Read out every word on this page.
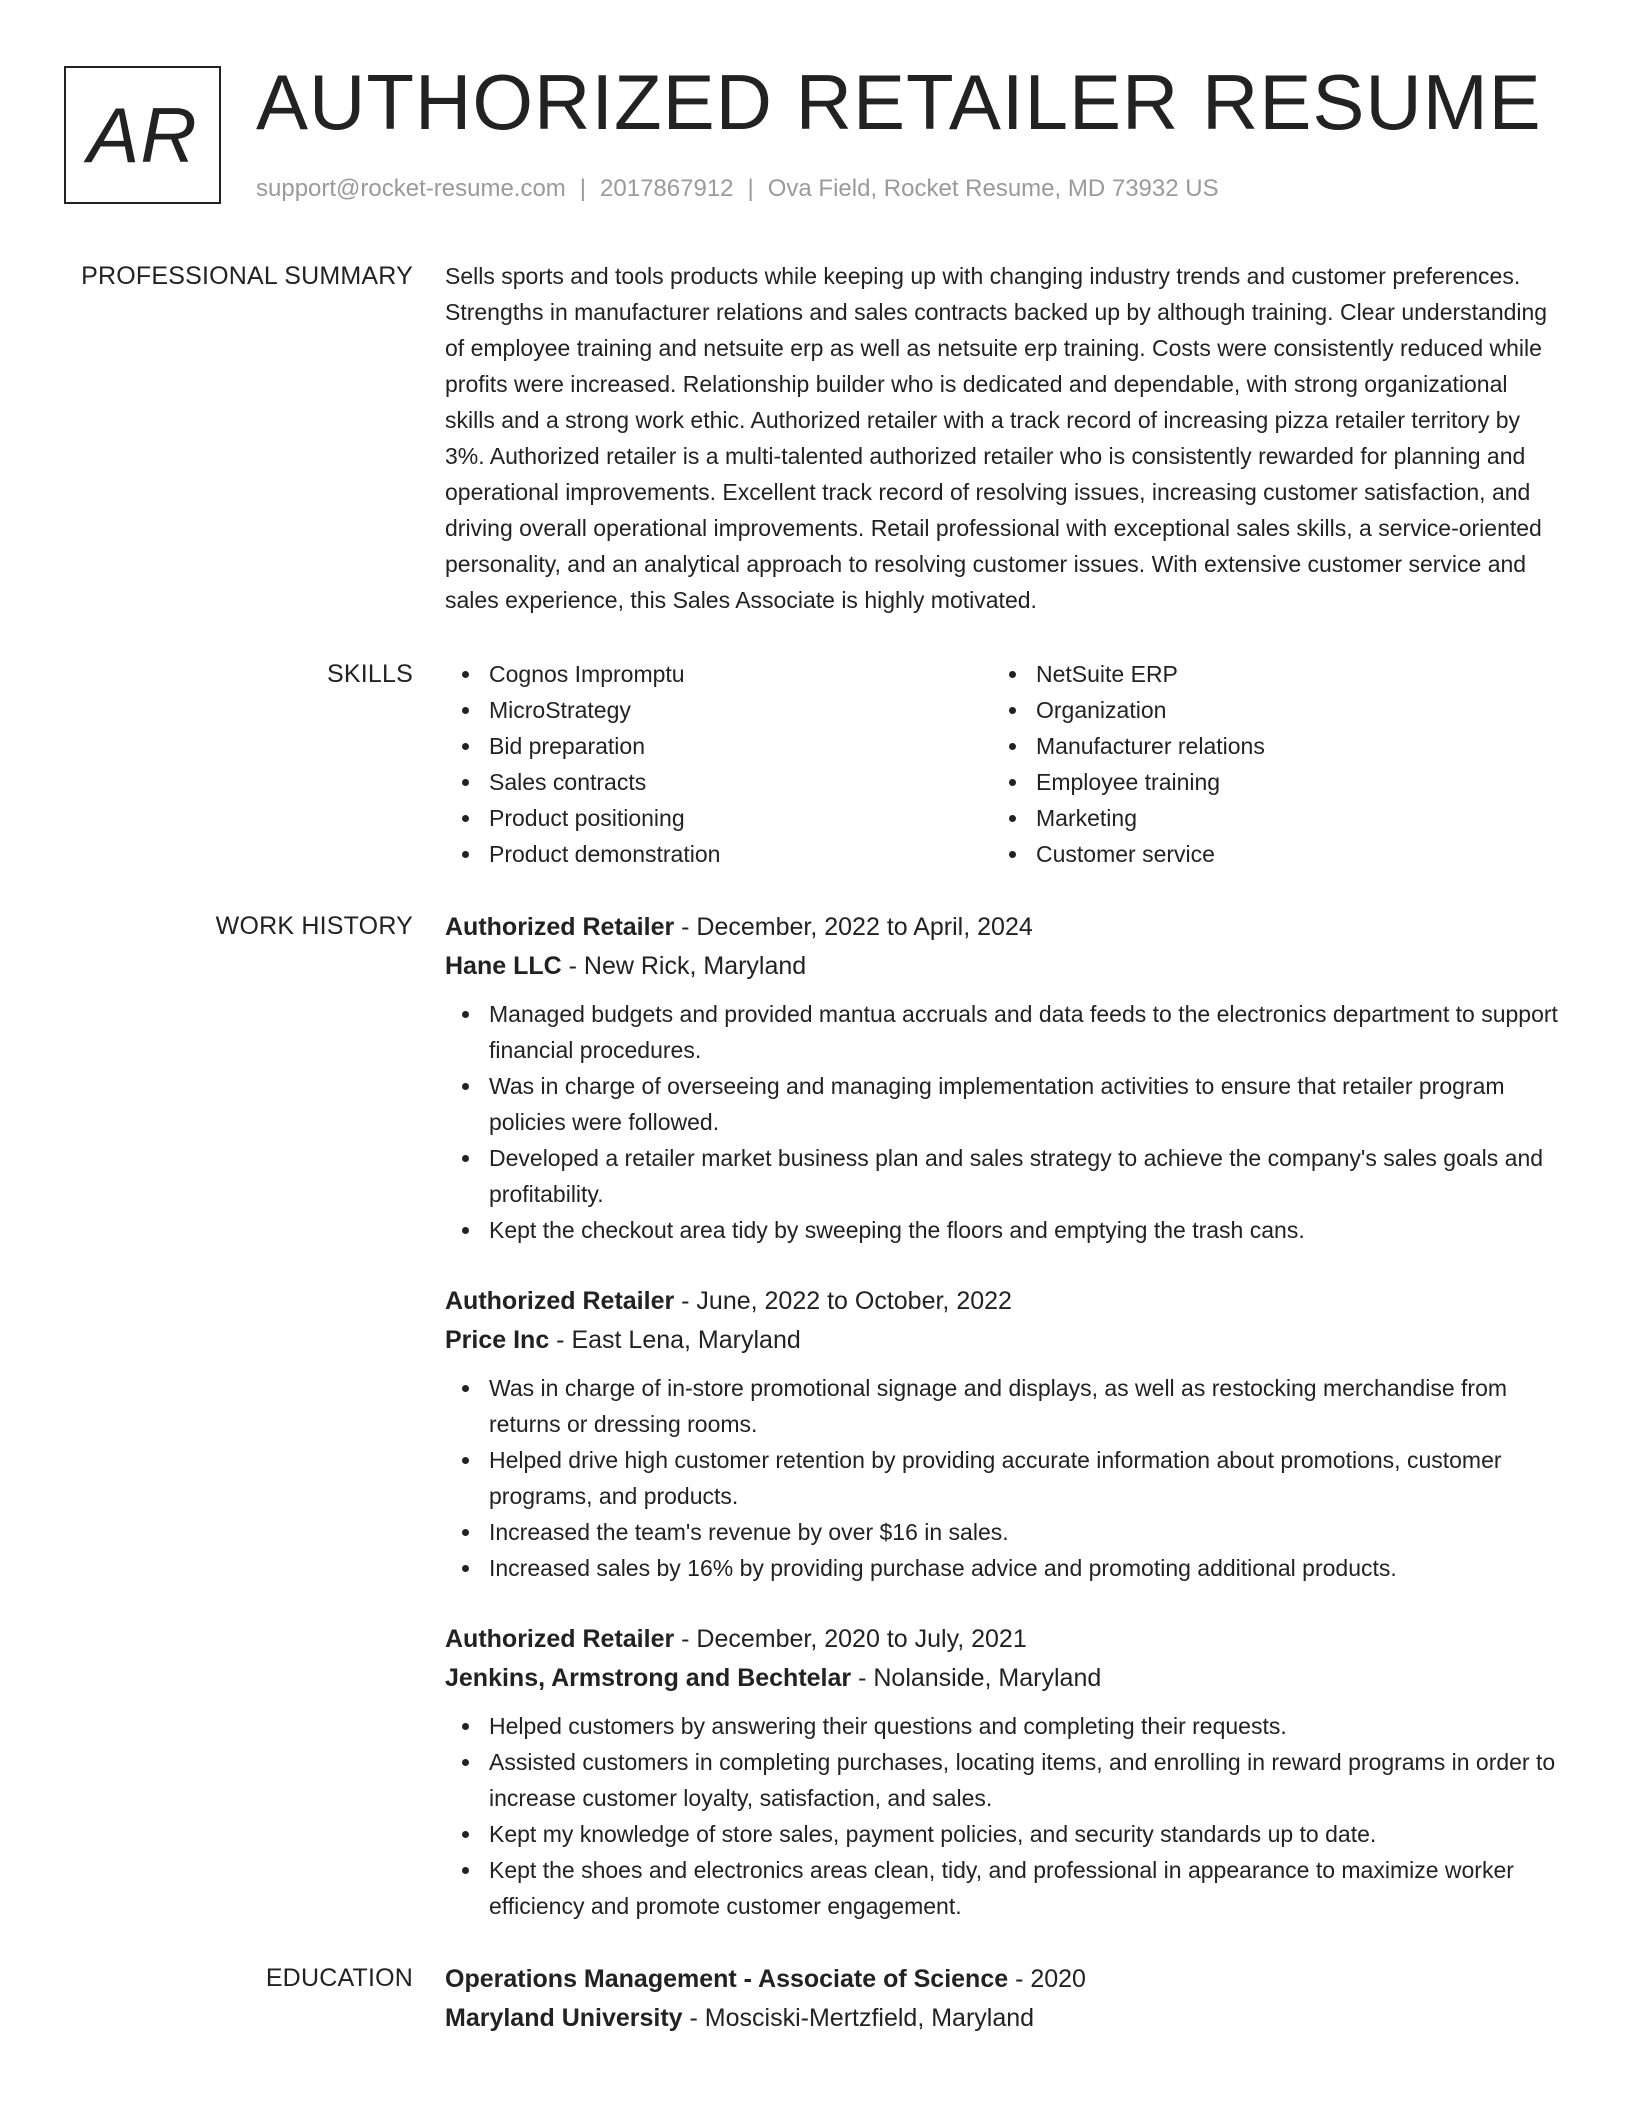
AR AUTHORIZED RETAILER RESUME
support@rocket-resume.com | 2017867912 | Ova Field, Rocket Resume, MD 73932 US
PROFESSIONAL SUMMARY Sells sports and tools products while keeping up with changing industry trends and customer preferences. Strengths in manufacturer relations and sales contracts backed up by although training. Clear understanding of employee training and netsuite erp as well as netsuite erp training. Costs were consistently reduced while profits were increased. Relationship builder who is dedicated and dependable, with strong organizational skills and a strong work ethic. Authorized retailer with a track record of increasing pizza retailer territory by 3%. Authorized retailer is a multi-talented authorized retailer who is consistently rewarded for planning and operational improvements. Excellent track record of resolving issues, increasing customer satisfaction, and driving overall operational improvements. Retail professional with exceptional sales skills, a service-oriented personality, and an analytical approach to resolving customer issues. With extensive customer service and sales experience, this Sales Associate is highly motivated.

SKILLS	Cognos Impromptu
MicroStrategy
Bid preparation
Sales contracts
Product positioning
Product demonstration
NetSuite ERP
Organization
Manufacturer relations
Employee training
Marketing
Customer service
WORK HISTORY Authorized Retailer - December, 2022 to April, 2024
Hane LLC - New Rick, Maryland
Managed budgets and provided mantua accruals and data feeds to the electronics department to support financial procedures.
Was in charge of overseeing and managing implementation activities to ensure that retailer program policies were followed.
Developed a retailer market business plan and sales strategy to achieve the company's sales goals and profitability.
Kept the checkout area tidy by sweeping the floors and emptying the trash cans.
Authorized Retailer - June, 2022 to October, 2022
Price Inc - East Lena, Maryland
Was in charge of in-store promotional signage and displays, as well as restocking merchandise from returns or dressing rooms.
Helped drive high customer retention by providing accurate information about promotions, customer programs, and products.
Increased the team's revenue by over $16 in sales.
Increased sales by 16% by providing purchase advice and promoting additional products.
Authorized Retailer - December, 2020 to July, 2021
Jenkins, Armstrong and Bechtelar - Nolanside, Maryland
Helped customers by answering their questions and completing their requests.
Assisted customers in completing purchases, locating items, and enrolling in reward programs in order to increase customer loyalty, satisfaction, and sales.
Kept my knowledge of store sales, payment policies, and security standards up to date.
Kept the shoes and electronics areas clean, tidy, and professional in appearance to maximize worker efficiency and promote customer engagement.
EDUCATION Operations Management - Associate of Science - 2020
Maryland University - Mosciski-Mertzfield, Maryland
